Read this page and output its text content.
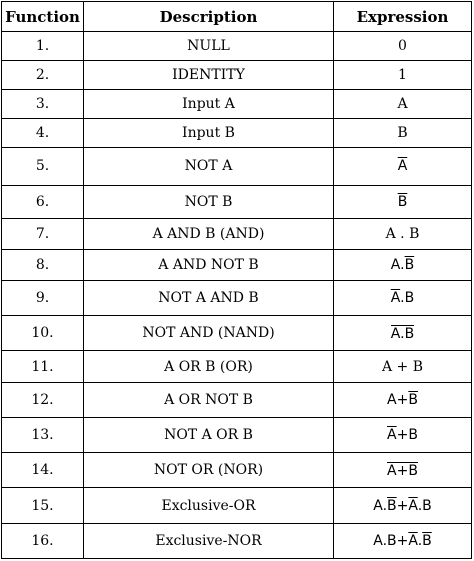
Function	Description	Expression
1.	NULL	0
2.	IDENTITY	1
3.	Input A	A
4.	Input B	B
5.	NOT A	$\overline{A}$
6.	NOT B	$\overline{B}$
7.	A AND B (AND)	A . B
8.	A AND NOT B	$A.\overline{B}$
9.	NOT A AND B	$\overline{A}.B$
10.	NOT AND (NAND)	A.B
11.	A OR B (OR)	A + B
12.	A OR NOT B	$A+\overline{B}$
13.	NOT A OR B	$\overline{A}+B$
14.	NOT OR (NOR)	A+B
15.	Exclusive-OR	$A.\overline{B}+\overline{A}.B$
16.	Exclusive-NOR	$A.B+\overline{A}.\overline{B}$
